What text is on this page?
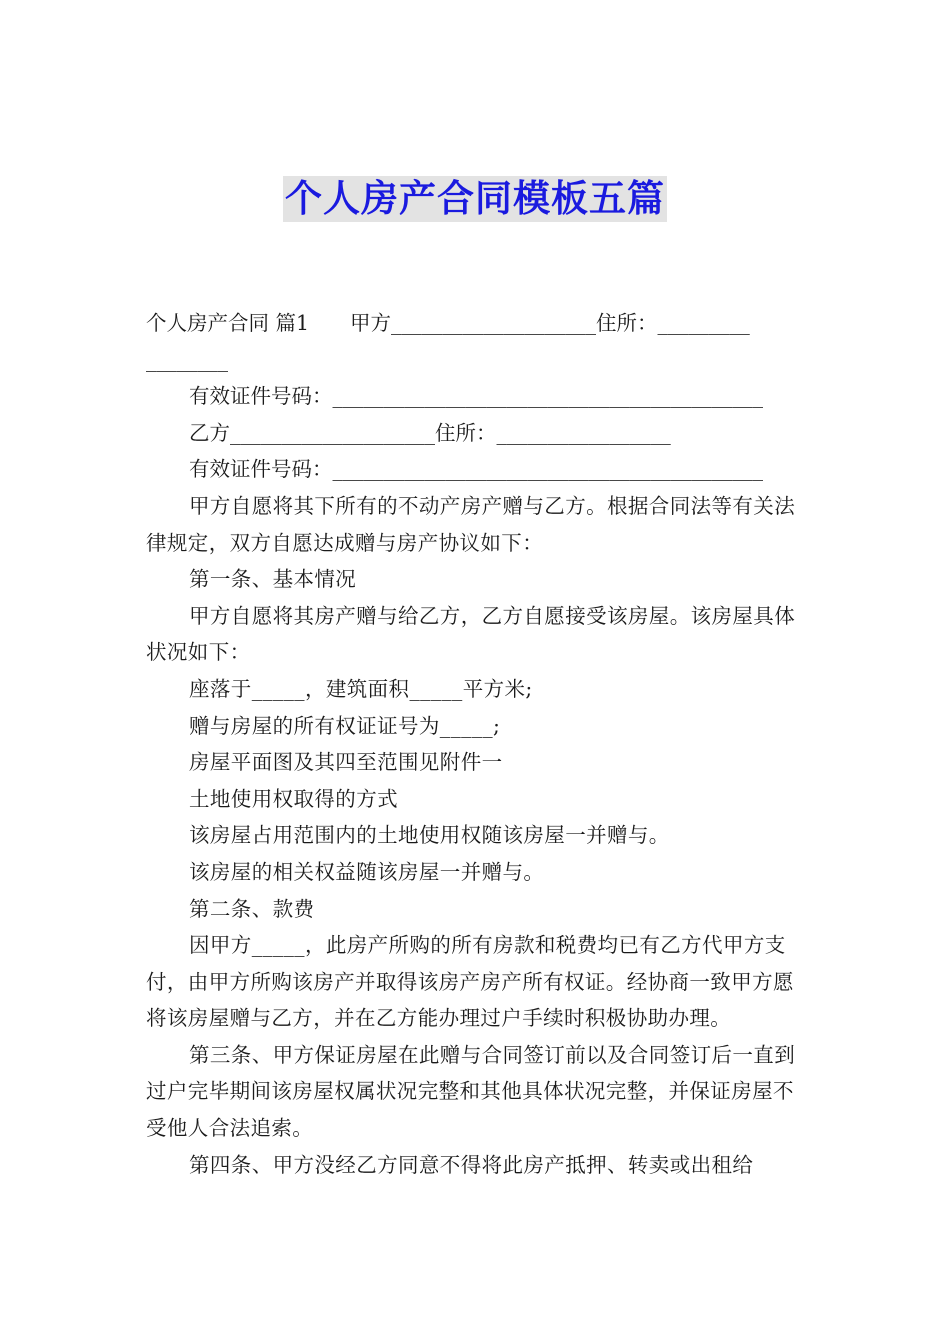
个人房产合同模板五篇

个人房产合同 篇1　　甲方____________________住所：_________

________

有效证件号码：__________________________________________

乙方____________________住所：_________________

有效证件号码：__________________________________________

甲方自愿将其下所有的不动产房产赠与乙方。根据合同法等有关法律规定，双方自愿达成赠与房产协议如下：

第一条、基本情况

甲方自愿将其房产赠与给乙方，乙方自愿接受该房屋。该房屋具体状况如下：

座落于_____，建筑面积_____平方米;

赠与房屋的所有权证证号为_____;

房屋平面图及其四至范围见附件一

土地使用权取得的方式

该房屋占用范围内的土地使用权随该房屋一并赠与。

该房屋的相关权益随该房屋一并赠与。

第二条、款费

因甲方_____，此房产所购的所有房款和税费均已有乙方代甲方支付，由甲方所购该房产并取得该房产房产所有权证。经协商一致甲方愿将该房屋赠与乙方，并在乙方能办理过户手续时积极协助办理。

第三条、甲方保证房屋在此赠与合同签订前以及合同签订后一直到过户完毕期间该房屋权属状况完整和其他具体状况完整，并保证房屋不受他人合法追索。

第四条、甲方没经乙方同意不得将此房产抵押、转卖或出租给
